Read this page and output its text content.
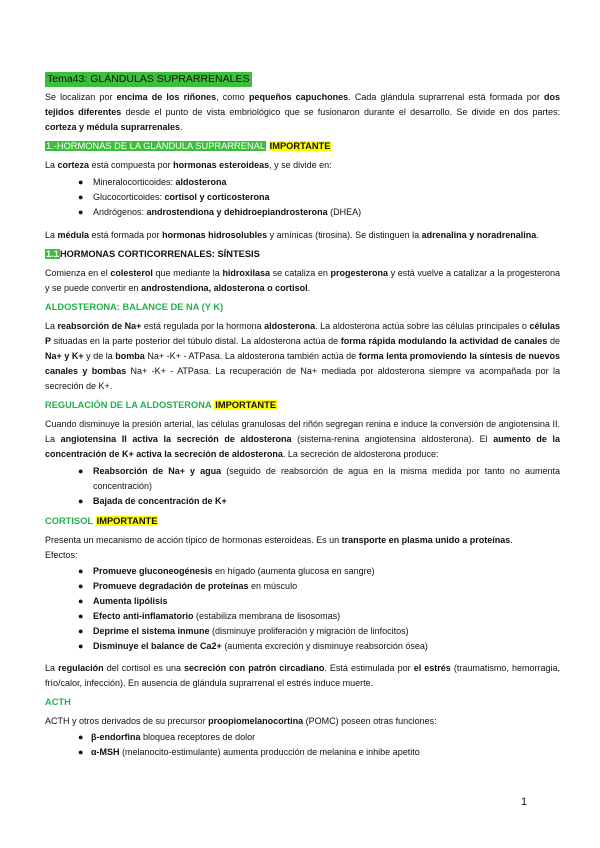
Tema43: GLÁNDULAS SUPRARRENALES

Se localizan por encima de los riñones, como pequeños capuchones. Cada glándula suprarrenal está formada por dos tejidos diferentes desde el punto de vista embriológico que se fusionaron durante el desarrollo. Se divide en dos partes: corteza y médula suprarrenales.

1.-HORMONAS DE LA GLÁNDULA SUPRARRENAL IMPORTANTE

La corteza está compuesta por hormonas esteroideas, y se divide en:

● Mineralocorticoides: aldosterona
● Glucocorticoides: cortisol y corticosterona
● Andrógenos: androstendiona y dehidroepiandrosterona (DHEA)

La médula está formada por hormonas hidrosolubles y amínicas (tirosina). Se distinguen la adrenalina y noradrenalina.

1.1HORMONAS CORTICORRENALES: SÍNTESIS

Comienza en el colesterol que mediante la hidroxilasa se cataliza en progesterona y está vuelve a catalizar a la progesterona y se puede convertir en androstendiona, aldosterona o cortisol.

ALDOSTERONA: BALANCE DE NA (Y K)

La reabsorción de Na+ está regulada por la hormona aldosterona. La aldosterona actúa sobre las células principales o células P situadas en la parte posterior del túbulo distal. La aldosterona actúa de forma rápida modulando la actividad de canales de Na+ y K+ y de la bomba Na+ -K+ - ATPasa. La aldosterona también actúa de forma lenta promoviendo la síntesis de nuevos canales y bombas Na+ -K+ - ATPasa. La recuperación de Na+ mediada por aldosterona siempre va acompañada por la secreción de K+.

REGULACIÓN DE LA ALDOSTERONA IMPORTANTE

Cuando disminuye la presión arterial, las células granulosas del riñón segregan renina e induce la conversión de angiotensina II. La angiotensina II activa la secreción de aldosterona (sistema-renina angiotensina aldosterona). El aumento de la concentración de K+ activa la secreción de aldosterona. La secreción de aldosterona produce:

● Reabsorción de Na+ y agua (seguido de reabsorción de agua en la misma medida por tanto no aumenta concentración)
● Bajada de concentración de K+
CORTISOL IMPORTANTE

Presenta un mecanismo de acción típico de hormonas esteroideas. Es un transporte en plasma unido a proteínas.

Efectos:

● Promueve gluconeogénesis en hígado (aumenta glucosa en sangre)
● Promueve degradación de proteínas en músculo
● Aumenta lipólisis
● Efecto anti-inflamatorio (estabiliza membrana de lisosomas)
● Deprime el sistema inmune (disminuye proliferación y migración de linfocitos)
● Disminuye el balance de Ca2+ (aumenta excreción y disminuye reabsorción ósea)

La regulación del cortisol es una secreción con patrón circadiano. Está estimulada por el estrés (traumatismo, hemorragia, frío/calor, infección). En ausencia de glándula suprarrenal el estrés induce muerte.

ACTH

ACTH y otros derivados de su precursor proopiomelanocortina (POMC) poseen otras funciones:

● β-endorfina bloquea receptores de dolor
● α-MSH (melanocito-estimulante) aumenta producción de melanina e inhibe apetito
1
